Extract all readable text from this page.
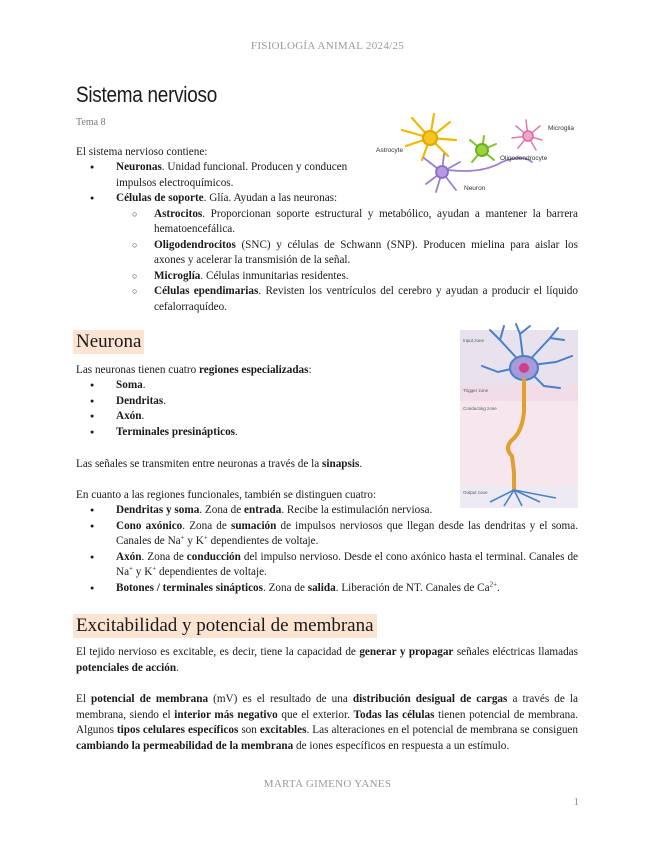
FISIOLOGÍA ANIMAL 2024/25
Sistema nervioso
Tema 8
Astrocyte
Microglia
Oligodendrocyte
Neuron
El sistema nervioso contiene:
● Neuronas. Unidad funcional. Producen y conducen impulsos electroquímicos.
● Células de soporte. Glía. Ayudan a las neuronas:
○ Astrocitos. Proporcionan soporte estructural y metabólico, ayudan a mantener la barrera hematoencefálica.
○ Oligodendrocitos (SNC) y células de Schwann (SNP). Producen mielina para aislar los axones y acelerar la transmisión de la señal.
○ Microglía. Células inmunitarias residentes.
○ Células ependimarias. Revisten los ventrículos del cerebro y ayudan a producir el líquido cefalorraquídeo.
Neurona	Input zone
Trigger zone
Conducting zone
Output zone
Las neuronas tienen cuatro regiones especializadas:
● Soma.
● Dendritas.
● Axón.
● Terminales presinápticos.
Las señales se transmiten entre neuronas a través de la sinapsis.
En cuanto a las regiones funcionales, también se distinguen cuatro:
● Dendritas y soma. Zona de entrada. Recibe la estimulación nerviosa.
● Cono axónico. Zona de sumación de impulsos nerviosos que llegan desde las dendritas y el soma. Canales de Na+ y K+ dependientes de voltaje.
● Axón. Zona de conducción del impulso nervioso. Desde el cono axónico hasta el terminal. Canales de Na+ y K+ dependientes de voltaje.
● Botones / terminales sinápticos. Zona de salida. Liberación de NT. Canales de $Ca^{2+}$.
Excitabilidad y potencial de membrana
El tejido nervioso es excitable, es decir, tiene la capacidad de generar y propagar señales eléctricas llamadas potenciales de acción.
El potencial de membrana (mV) es el resultado de una distribución desigual de cargas a través de la membrana, siendo el interior más negativo que el exterior. Todas las células tienen potencial de membrana. Algunos tipos celulares específicos son excitables. Las alteraciones en el potencial de membrana se consiguen cambiando la permeabilidad de la membrana de iones específicos en respuesta a un estímulo.
MARTA GIMENO YANES
1
